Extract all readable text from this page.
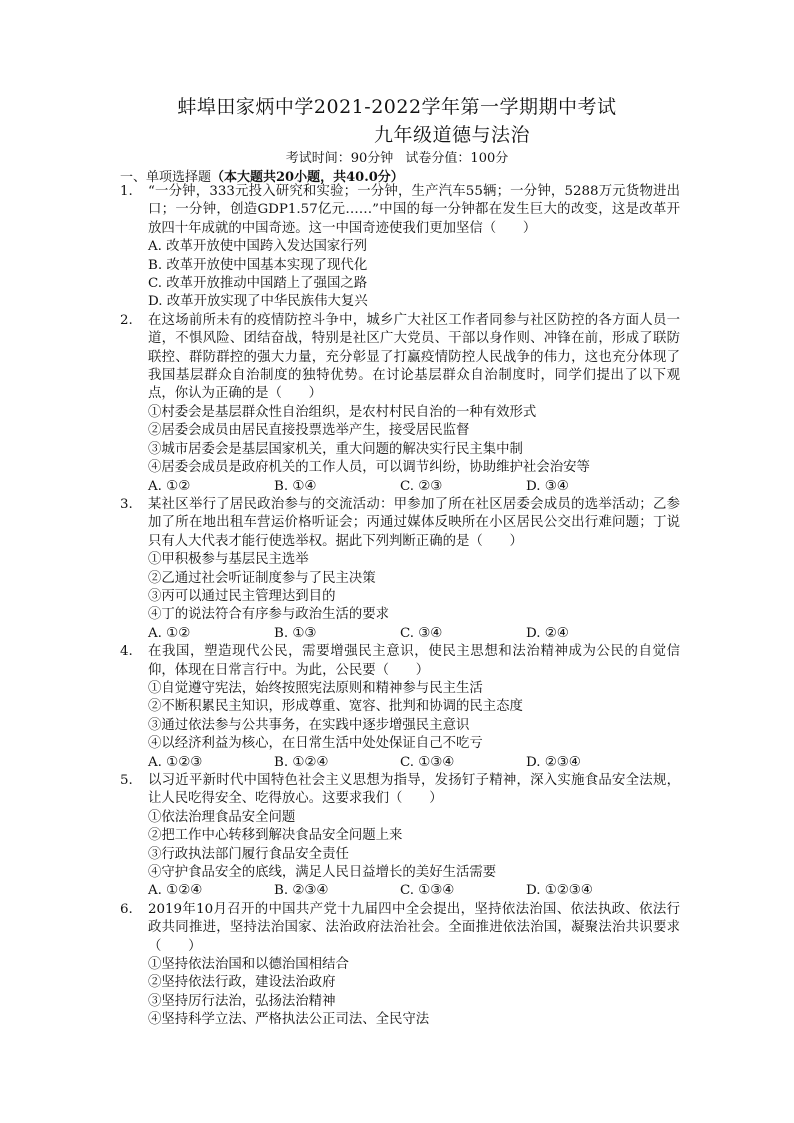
蚌埠田家炳中学2021-2022学年第一学期期中考试
九年级道德与法治
考试时间：90分钟 试卷分值：100分
一、单项选择题（本大题共20小题，共40.0分）
1.	“一分钟，333元投入研究和实验；一分钟，生产汽车55辆；一分钟，5288万元货物进出口；一分钟，创造GDP1.57亿元……”中国的每一分钟都在发生巨大的改变，这是改革开放四十年成就的中国奇迹。这一中国奇迹使我们更加坚信（　　）
A. 改革开放使中国跨入发达国家行列
B. 改革开放使中国基本实现了现代化
C. 改革开放推动中国踏上了强国之路
D. 改革开放实现了中华民族伟大复兴
2.	在这场前所未有的疫情防控斗争中，城乡广大社区工作者同参与社区防控的各方面人员一道，不惧风险、团结奋战，特别是社区广大党员、干部以身作则、冲锋在前，形成了联防联控、群防群控的强大力量，充分彰显了打赢疫情防控人民战争的伟力，这也充分体现了我国基层群众自治制度的独特优势。在讨论基层群众自治制度时，同学们提出了以下观点，你认为正确的是（　　）
①村委会是基层群众性自治组织，是农村村民自治的一种有效形式
②居委会成员由居民直接投票选举产生，接受居民监督
③城市居委会是基层国家机关，重大问题的解决实行民主集中制
④居委会成员是政府机关的工作人员，可以调节纠纷，协助维护社会治安等
A. ①②	B. ①④	C. ②③	D. ③④
3.	某社区举行了居民政治参与的交流活动：甲参加了所在社区居委会成员的选举活动；乙参加了所在地出租车营运价格听证会；丙通过媒体反映所在小区居民公交出行难问题；丁说只有人大代表才能行使选举权。据此下列判断正确的是（　　）
①甲积极参与基层民主选举
②乙通过社会听证制度参与了民主决策
③丙可以通过民主管理达到目的
④丁的说法符合有序参与政治生活的要求
A. ①②	B. ①③	C. ③④	D. ②④
4.	在我国，塑造现代公民，需要增强民主意识，使民主思想和法治精神成为公民的自觉信仰，体现在日常言行中。为此，公民要（　　）
①自觉遵守宪法，始终按照宪法原则和精神参与民主生活
②不断积累民主知识，形成尊重、宽容、批判和协调的民主态度
③通过依法参与公共事务，在实践中逐步增强民主意识
④以经济利益为核心，在日常生活中处处保证自己不吃亏
A. ①②③	B. ①②④	C. ①③④	D. ②③④
5.	以习近平新时代中国特色社会主义思想为指导，发扬钉子精神，深入实施食品安全法规，让人民吃得安全、吃得放心。这要求我们（　　）
①依法治理食品安全问题
②把工作中心转移到解决食品安全问题上来
③行政执法部门履行食品安全责任
④守护食品安全的底线，满足人民日益增长的美好生活需要
A. ①②④	B. ②③④	C. ①③④	D. ①②③④
6.	2019年10月召开的中国共产党十九届四中全会提出，坚持依法治国、依法执政、依法行政共同推进，坚持法治国家、法治政府法治社会。全面推进依法治国，凝聚法治共识要求（　　）
①坚持依法治国和以德治国相结合
②坚持依法行政，建设法治政府
③坚持厉行法治，弘扬法治精神
④坚持科学立法、严格执法公正司法、全民守法
